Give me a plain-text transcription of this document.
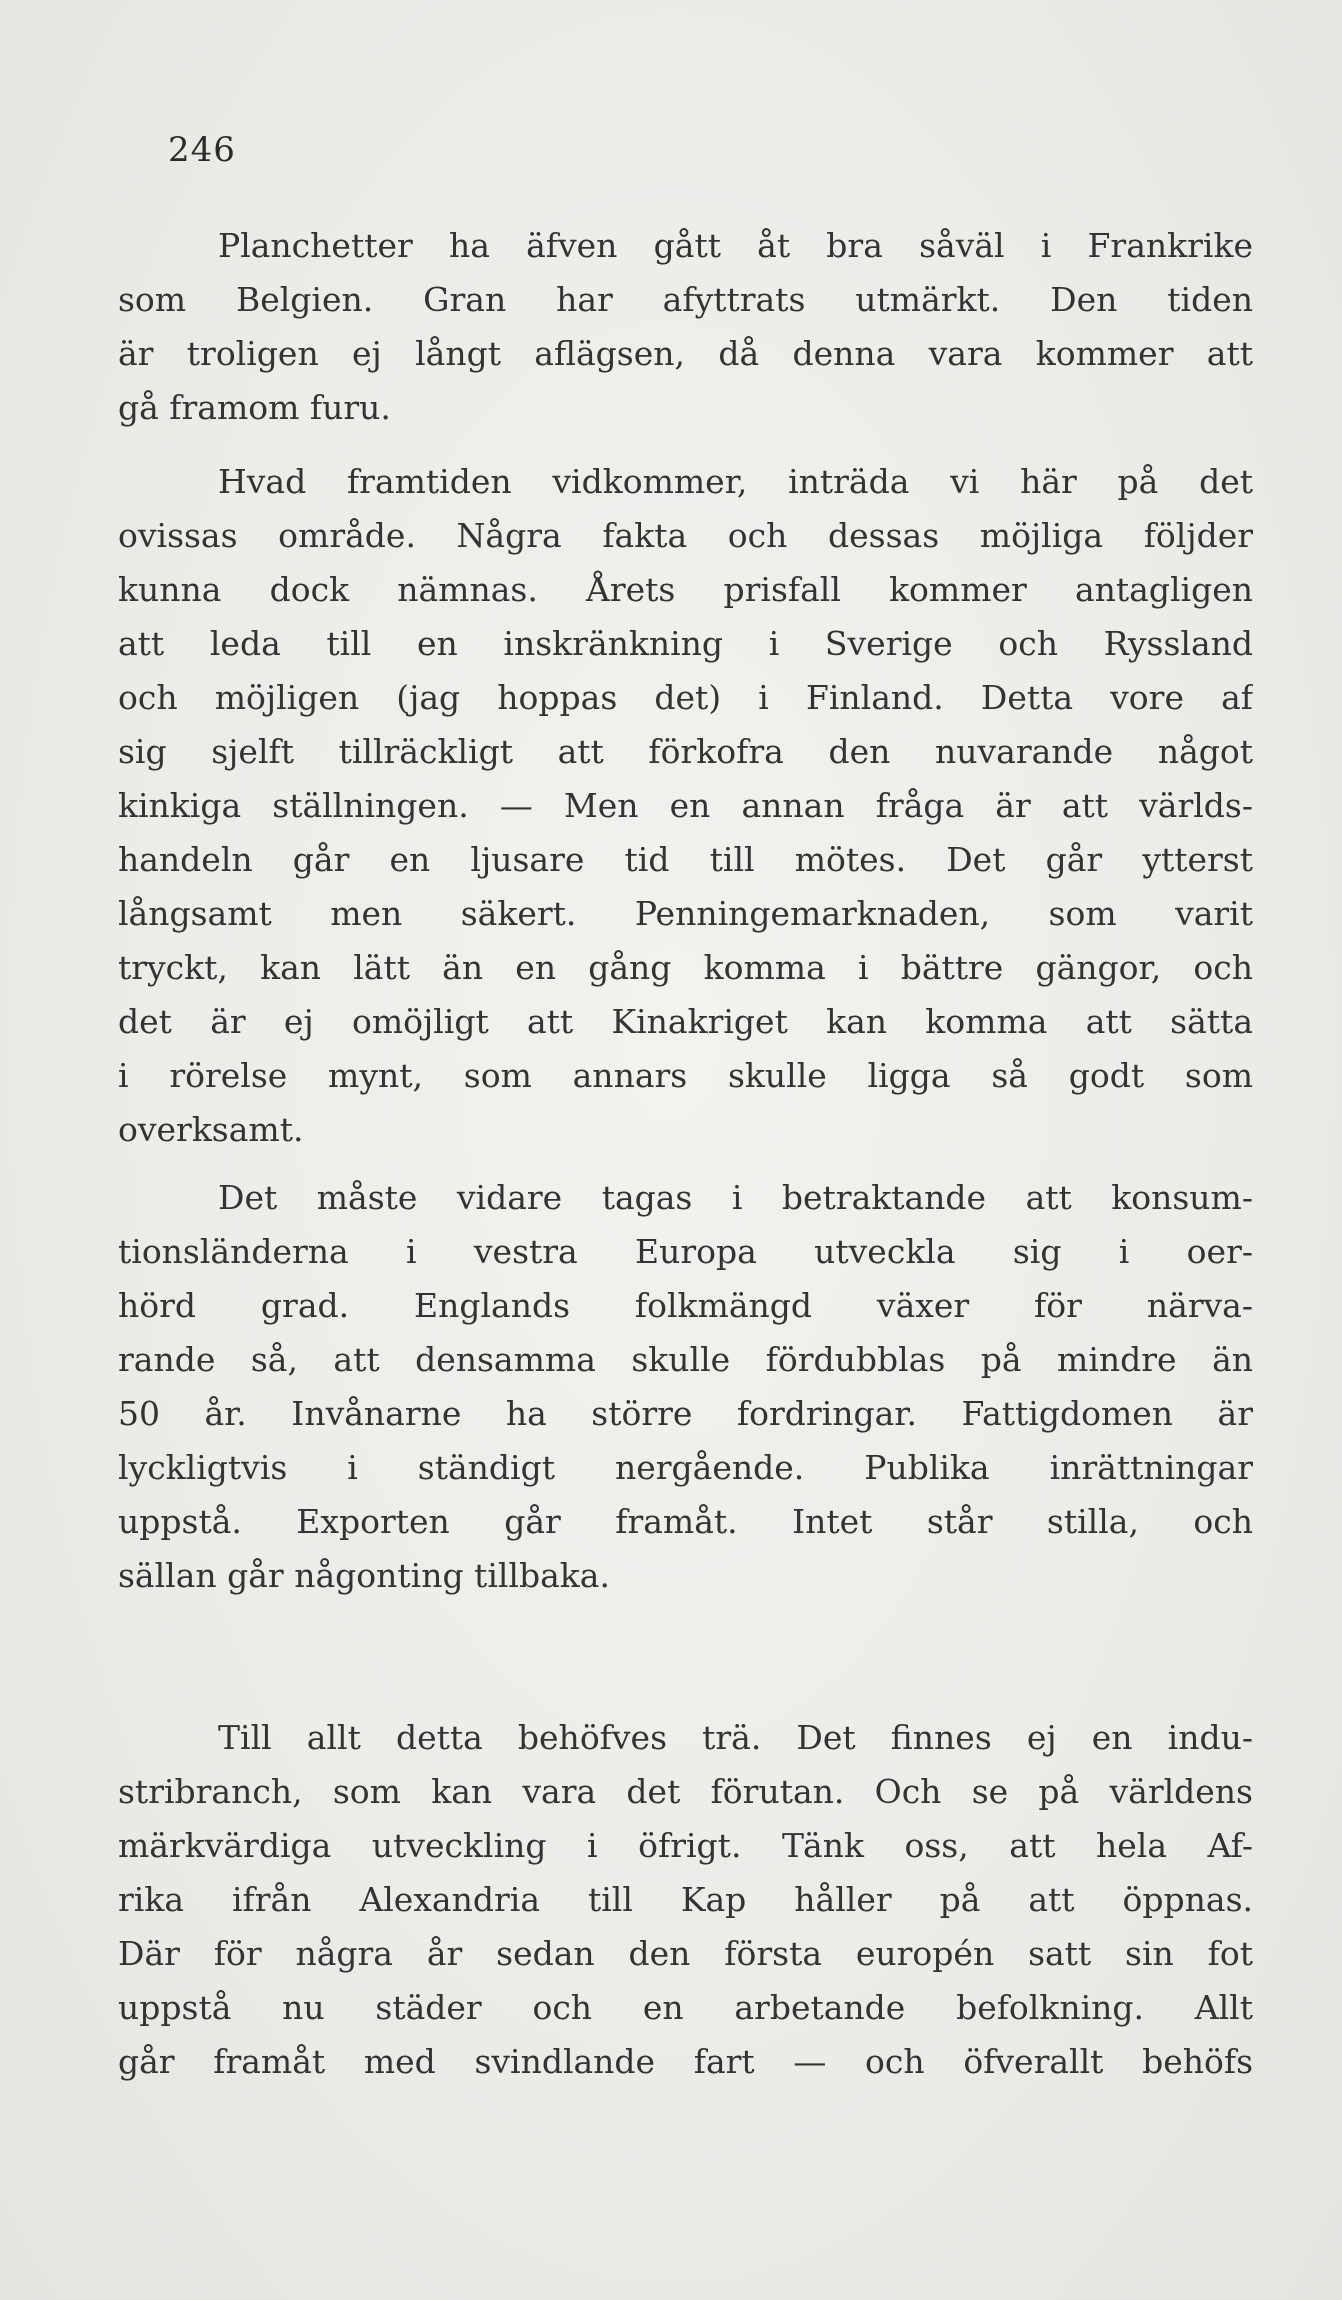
246
Planchetter ha äfven gått åt bra såväl i Frankrike
som Belgien. Gran har afyttrats utmärkt. Den tiden
är troligen ej långt aflägsen, då denna vara kommer att
gå framom furu.
Hvad framtiden vidkommer, inträda vi här på det
ovissas område. Några fakta och dessas möjliga följder
kunna dock nämnas. Årets prisfall kommer antagligen
att leda till en inskränkning i Sverige och Ryssland
och möjligen (jag hoppas det) i Finland. Detta vore af
sig sjelft tillräckligt att förkofra den nuvarande något
kinkiga ställningen. — Men en annan fråga är att världs-
handeln går en ljusare tid till mötes. Det går ytterst
långsamt men säkert. Penningemarknaden, som varit
tryckt, kan lätt än en gång komma i bättre gängor, och
det är ej omöjligt att Kinakriget kan komma att sätta
i rörelse mynt, som annars skulle ligga så godt som
overksamt.
Det måste vidare tagas i betraktande att konsum-
tionsländerna i vestra Europa utveckla sig i oer-
hörd grad. Englands folkmängd växer för närva-
rande så, att densamma skulle fördubblas på mindre än
50 år. Invånarne ha större fordringar. Fattigdomen är
lyckligtvis i ständigt nergående. Publika inrättningar
uppstå. Exporten går framåt. Intet står stilla, och
sällan går någonting tillbaka.
Till allt detta behöfves trä. Det finnes ej en indu-
stribranch, som kan vara det förutan. Och se på världens
märkvärdiga utveckling i öfrigt. Tänk oss, att hela Af-
rika ifrån Alexandria till Kap håller på att öppnas.
Där för några år sedan den första europén satt sin fot
uppstå nu städer och en arbetande befolkning. Allt
går framåt med svindlande fart — och öfverallt behöfs
